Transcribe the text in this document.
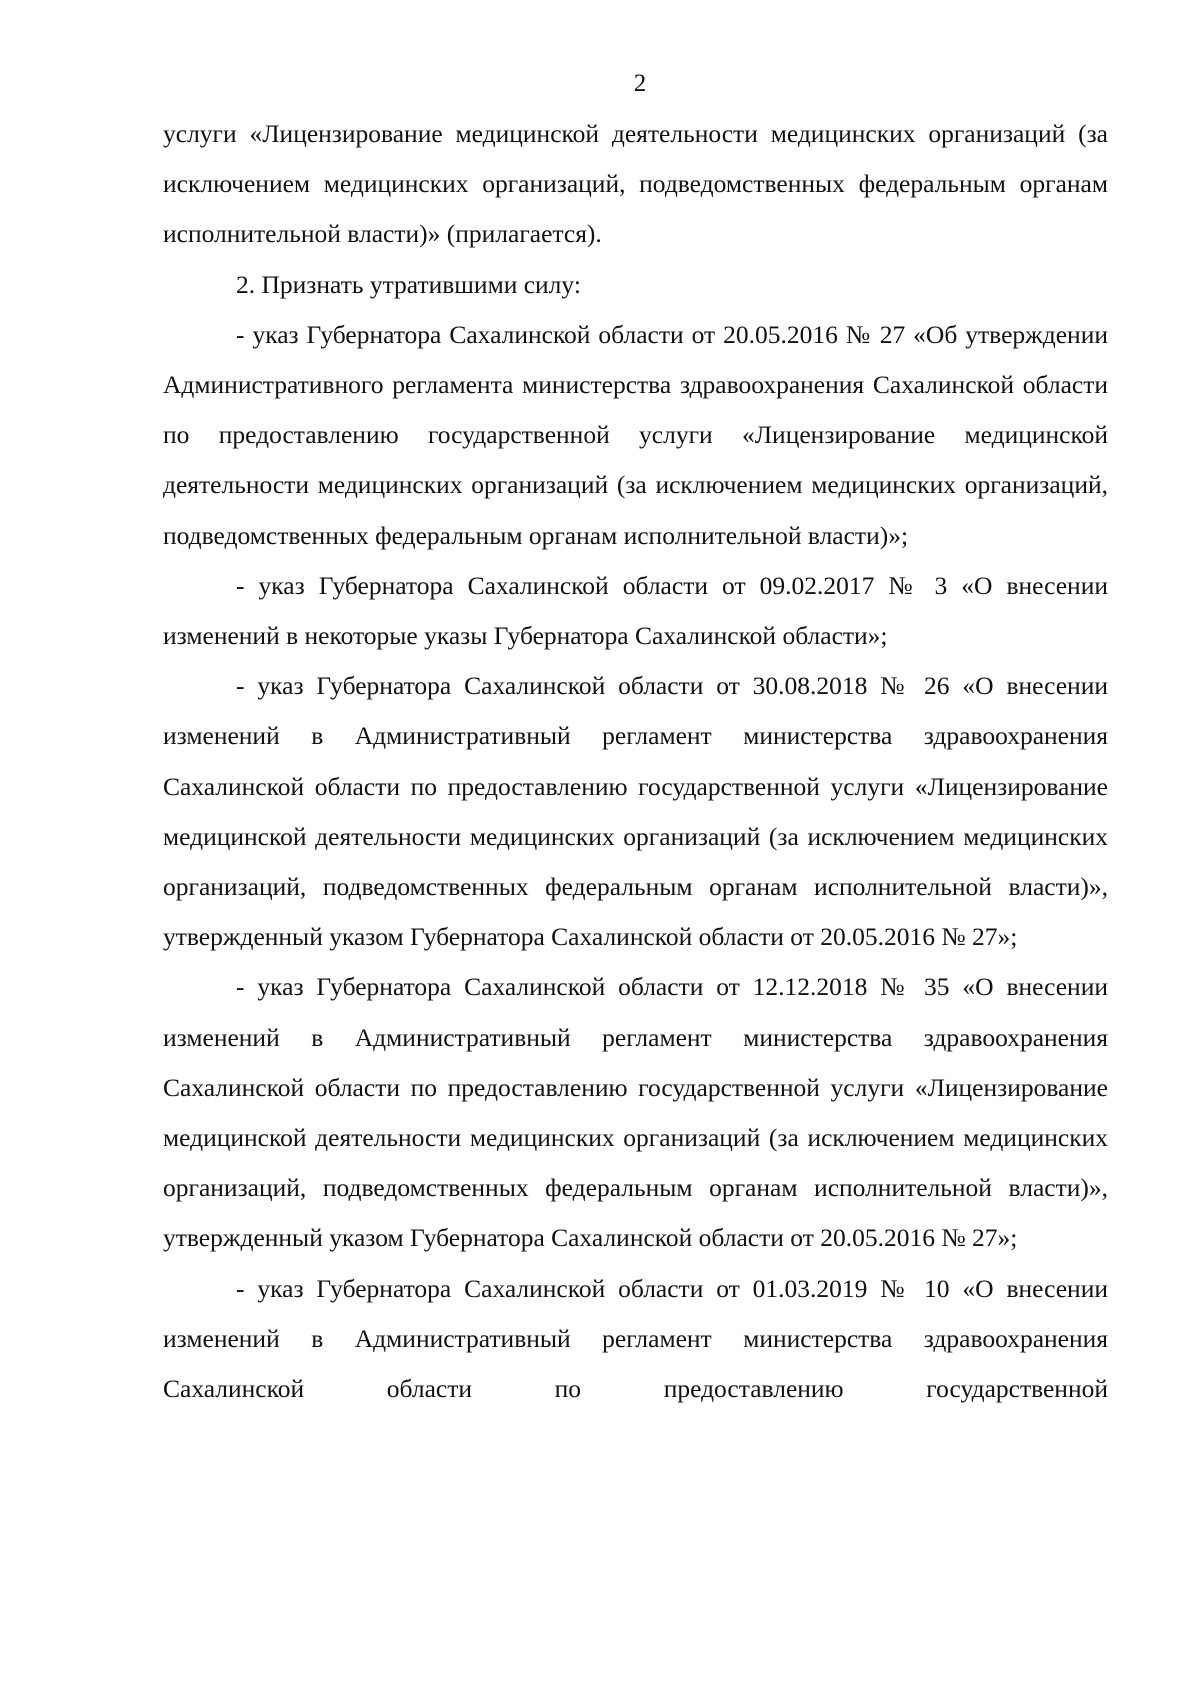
2

услуги «Лицензирование медицинской деятельности медицинских организаций (за исключением медицинских организаций, подведомственных федеральным органам исполнительной власти)» (прилагается).

2. Признать утратившими силу:

- указ Губернатора Сахалинской области от 20.05.2016 № 27 «Об утверждении Административного регламента министерства здравоохранения Сахалинской области по предоставлению государственной услуги «Лицензирование медицинской деятельности медицинских организаций (за исключением медицинских организаций, подведомственных федеральным органам исполнительной власти)»;

- указ Губернатора Сахалинской области от 09.02.2017 № 3 «О внесении изменений в некоторые указы Губернатора Сахалинской области»;

- указ Губернатора Сахалинской области от 30.08.2018 № 26 «О внесении изменений в Административный регламент министерства здравоохранения Сахалинской области по предоставлению государственной услуги «Лицензирование медицинской деятельности медицинских организаций (за исключением медицинских организаций, подведомственных федеральным органам исполнительной власти)», утвержденный указом Губернатора Сахалинской области от 20.05.2016 № 27»;

- указ Губернатора Сахалинской области от 12.12.2018 № 35 «О внесении изменений в Административный регламент министерства здравоохранения Сахалинской области по предоставлению государственной услуги «Лицензирование медицинской деятельности медицинских организаций (за исключением медицинских организаций, подведомственных федеральным органам исполнительной власти)», утвержденный указом Губернатора Сахалинской области от 20.05.2016 № 27»;

- указ Губернатора Сахалинской области от 01.03.2019 № 10 «О внесении изменений в Административный регламент министерства здравоохранения Сахалинской области по предоставлению государственной
